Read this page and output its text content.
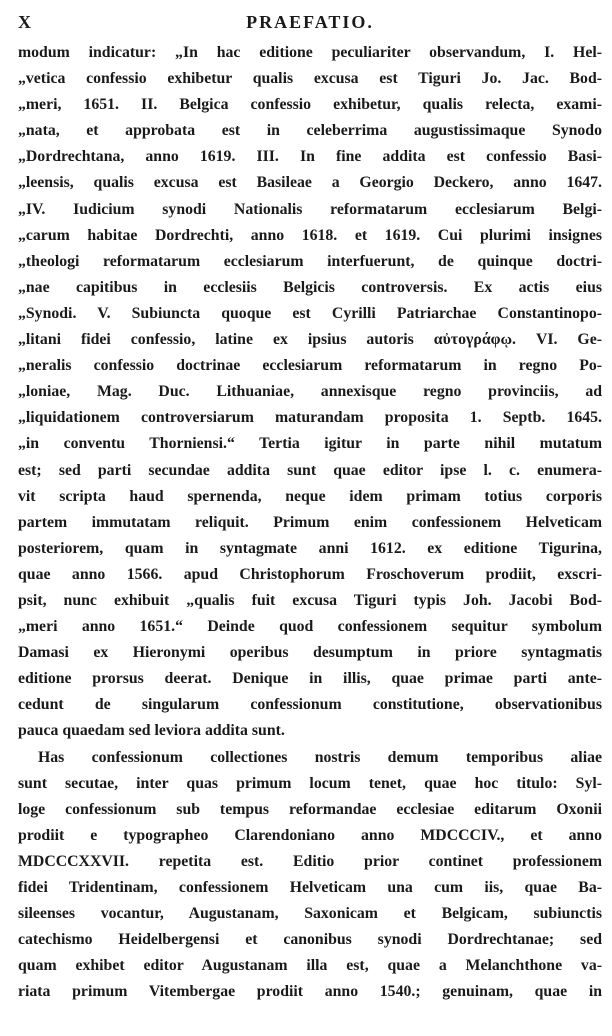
X	PRAEFATIO.
modum indicatur: „In hac editione peculiariter observandum, I. Hel-
„vetica confessio exhibetur qualis excusa est Tiguri Jo. Jac. Bod-
„meri, 1651. II. Belgica confessio exhibetur, qualis relecta, exami-
„nata, et approbata est in celeberrima augustissimaque Synodo
„Dordrechtana, anno 1619. III. In fine addita est confessio Basi-
„leensis, qualis excusa est Basileae a Georgio Deckero, anno 1647.
„IV. Iudicium synodi Nationalis reformatarum ecclesiarum Belgi-
„carum habitae Dordrechti, anno 1618. et 1619. Cui plurimi insignes
„theologi reformatarum ecclesiarum interfuerunt, de quinque doctri-
„nae capitibus in ecclesiis Belgicis controversis. Ex actis eius
„Synodi. V. Subiuncta quoque est Cyrilli Patriarchae Constantinopo-
„litani fidei confessio, latine ex ipsius autoris αὐτογράφῳ. VI. Ge-
„neralis confessio doctrinae ecclesiarum reformatarum in regno Po-
„loniae, Mag. Duc. Lithuaniae, annexisque regno provinciis, ad
„liquidationem controversiarum maturandam proposita 1. Septb. 1645.
„in conventu Thorniensi.“ Tertia igitur in parte nihil mutatum
est; sed parti secundae addita sunt quae editor ipse l. c. enumera-
vit scripta haud spernenda, neque idem primam totius corporis
partem immutatam reliquit. Primum enim confessionem Helveticam
posteriorem, quam in syntagmate anni 1612. ex editione Tigurina,
quae anno 1566. apud Christophorum Froschoverum prodiit, exscri-
psit, nunc exhibuit „qualis fuit excusa Tiguri typis Joh. Jacobi Bod-
„meri anno 1651.“ Deinde quod confessionem sequitur symbolum
Damasi ex Hieronymi operibus desumptum in priore syntagmatis
editione prorsus deerat. Denique in illis, quae primae parti ante-
cedunt de singularum confessionum constitutione, observationibus
pauca quaedam sed leviora addita sunt.
Has confessionum collectiones nostris demum temporibus aliae
sunt secutae, inter quas primum locum tenet, quae hoc titulo: Syl-
loge confessionum sub tempus reformandae ecclesiae editarum Oxonii
prodiit e typographeo Clarendoniano anno MDCCCIV., et anno
MDCCCXXVII. repetita est. Editio prior continet professionem
fidei Tridentinam, confessionem Helveticam una cum iis, quae Ba-
sileenses vocantur, Augustanam, Saxonicam et Belgicam, subiunctis
catechismo Heidelbergensi et canonibus synodi Dordrechtanae; sed
quam exhibet editor Augustanam illa est, quae a Melanchthone va-
riata primum Vitembergae prodiit anno 1540.; genuinam, quae in
